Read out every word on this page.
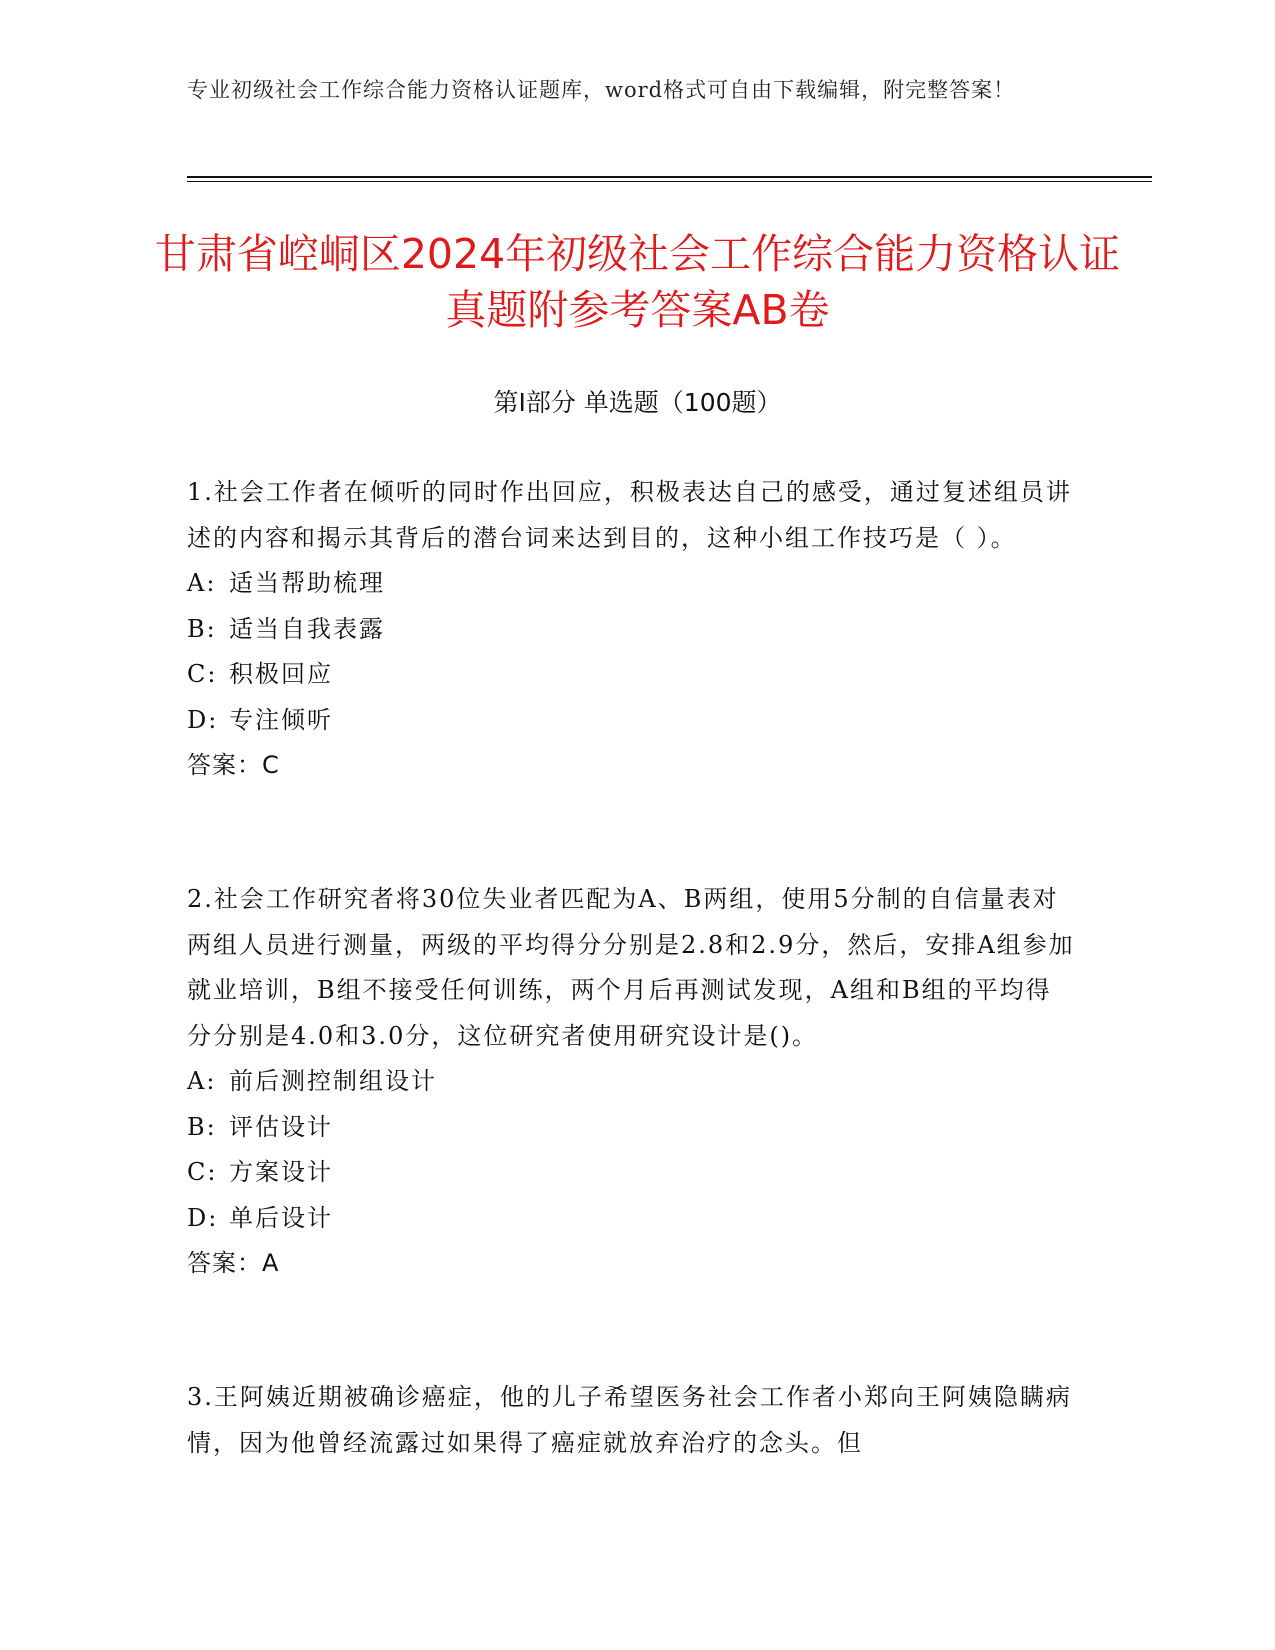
专业初级社会工作综合能力资格认证题库，word格式可自由下载编辑，附完整答案！
甘肃省崆峒区2024年初级社会工作综合能力资格认证真题附参考答案AB卷
第Ⅰ部分 单选题（100题）
1.社会工作者在倾听的同时作出回应，积极表达自己的感受，通过复述组员讲述的内容和揭示其背后的潜台词来达到目的，这种小组工作技巧是（ ）。
A: 适当帮助梳理
B: 适当自我表露
C: 积极回应
D: 专注倾听
答案：C
2.社会工作研究者将30位失业者匹配为A、B两组，使用5分制的自信量表对两组人员进行测量，两级的平均得分分别是2.8和2.9分，然后，安排A组参加就业培训，B组不接受任何训练，两个月后再测试发现，A组和B组的平均得分分别是4.0和3.0分，这位研究者使用研究设计是()。
A: 前后测控制组设计
B: 评估设计
C: 方案设计
D: 单后设计
答案：A
3.王阿姨近期被确诊癌症，他的儿子希望医务社会工作者小郑向王阿姨隐瞒病情，因为他曾经流露过如果得了癌症就放弃治疗的念头。但
